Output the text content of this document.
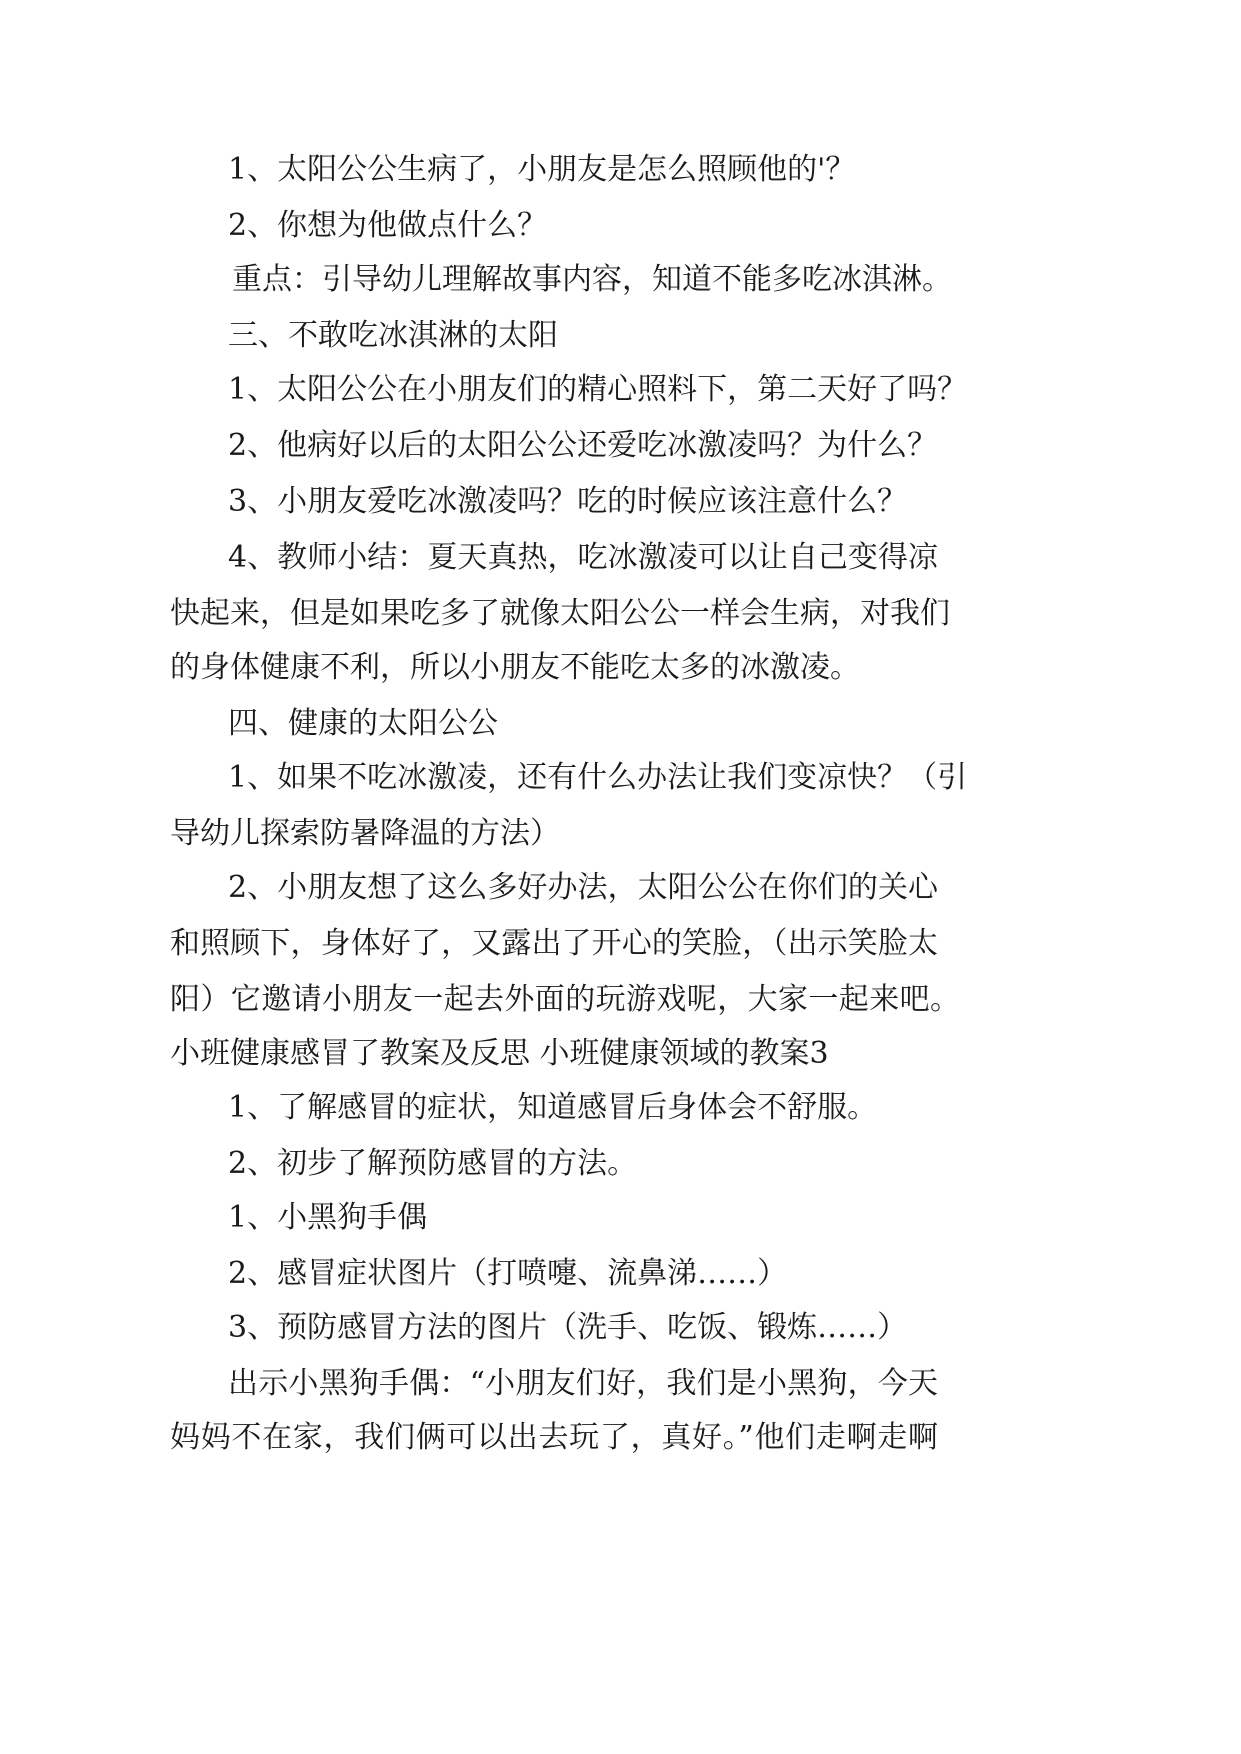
1、太阳公公生病了，小朋友是怎么照顾他的'？
2、你想为他做点什么？
重点：引导幼儿理解故事内容，知道不能多吃冰淇淋。
三、不敢吃冰淇淋的太阳
1、太阳公公在小朋友们的精心照料下，第二天好了吗？
2、他病好以后的太阳公公还爱吃冰激凌吗？为什么？
3、小朋友爱吃冰激凌吗？吃的时候应该注意什么？
4、教师小结：夏天真热，吃冰激凌可以让自己变得凉
快起来，但是如果吃多了就像太阳公公一样会生病，对我们
的身体健康不利，所以小朋友不能吃太多的冰激凌。
四、健康的太阳公公
1、如果不吃冰激凌，还有什么办法让我们变凉快？（引
导幼儿探索防暑降温的方法）
2、小朋友想了这么多好办法，太阳公公在你们的关心
和照顾下，身体好了，又露出了开心的笑脸，（出示笑脸太
阳）它邀请小朋友一起去外面的玩游戏呢，大家一起来吧。
小班健康感冒了教案及反思 小班健康领域的教案3
1、了解感冒的症状，知道感冒后身体会不舒服。
2、初步了解预防感冒的方法。
1、小黑狗手偶
2、感冒症状图片（打喷嚏、流鼻涕……）
3、预防感冒方法的图片（洗手、吃饭、锻炼……）
出示小黑狗手偶：“小朋友们好，我们是小黑狗，今天
妈妈不在家，我们俩可以出去玩了，真好。”他们走啊走啊
